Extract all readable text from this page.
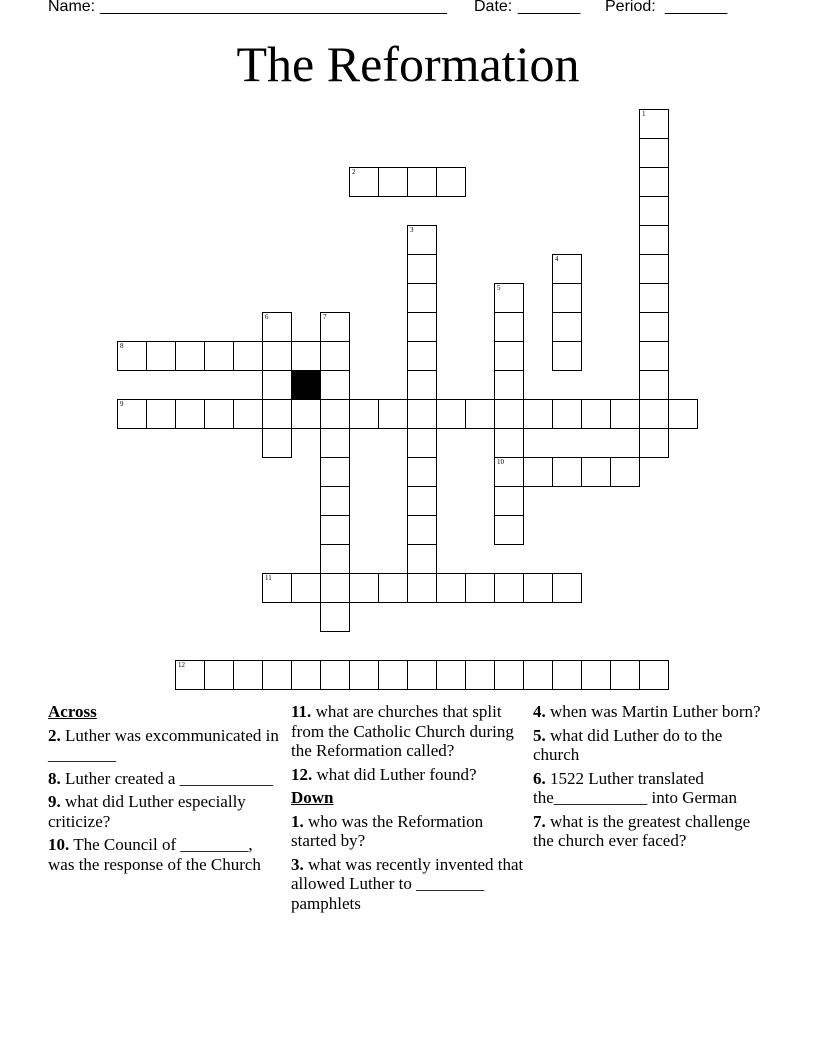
Name: _______________________________________ Date: _______ Period: _______
The Reformation
1
2
3
4
5
10
6	7
8
9
11
12
Across
2. Luther was excommunicated in ________
8. Luther created a ___________
9. what did Luther especially criticize?
10. The Council of ________, was the response of the Church
11. what are churches that split from the Catholic Church during the Reformation called?
12. what did Luther found?
Down
1. who was the Reformation started by?
3. what was recently invented that allowed Luther to ________ pamphlets
4. when was Martin Luther born?
5. what did Luther do to the church
6. 1522 Luther translated the___________ into German
7. what is the greatest challenge the church ever faced?
